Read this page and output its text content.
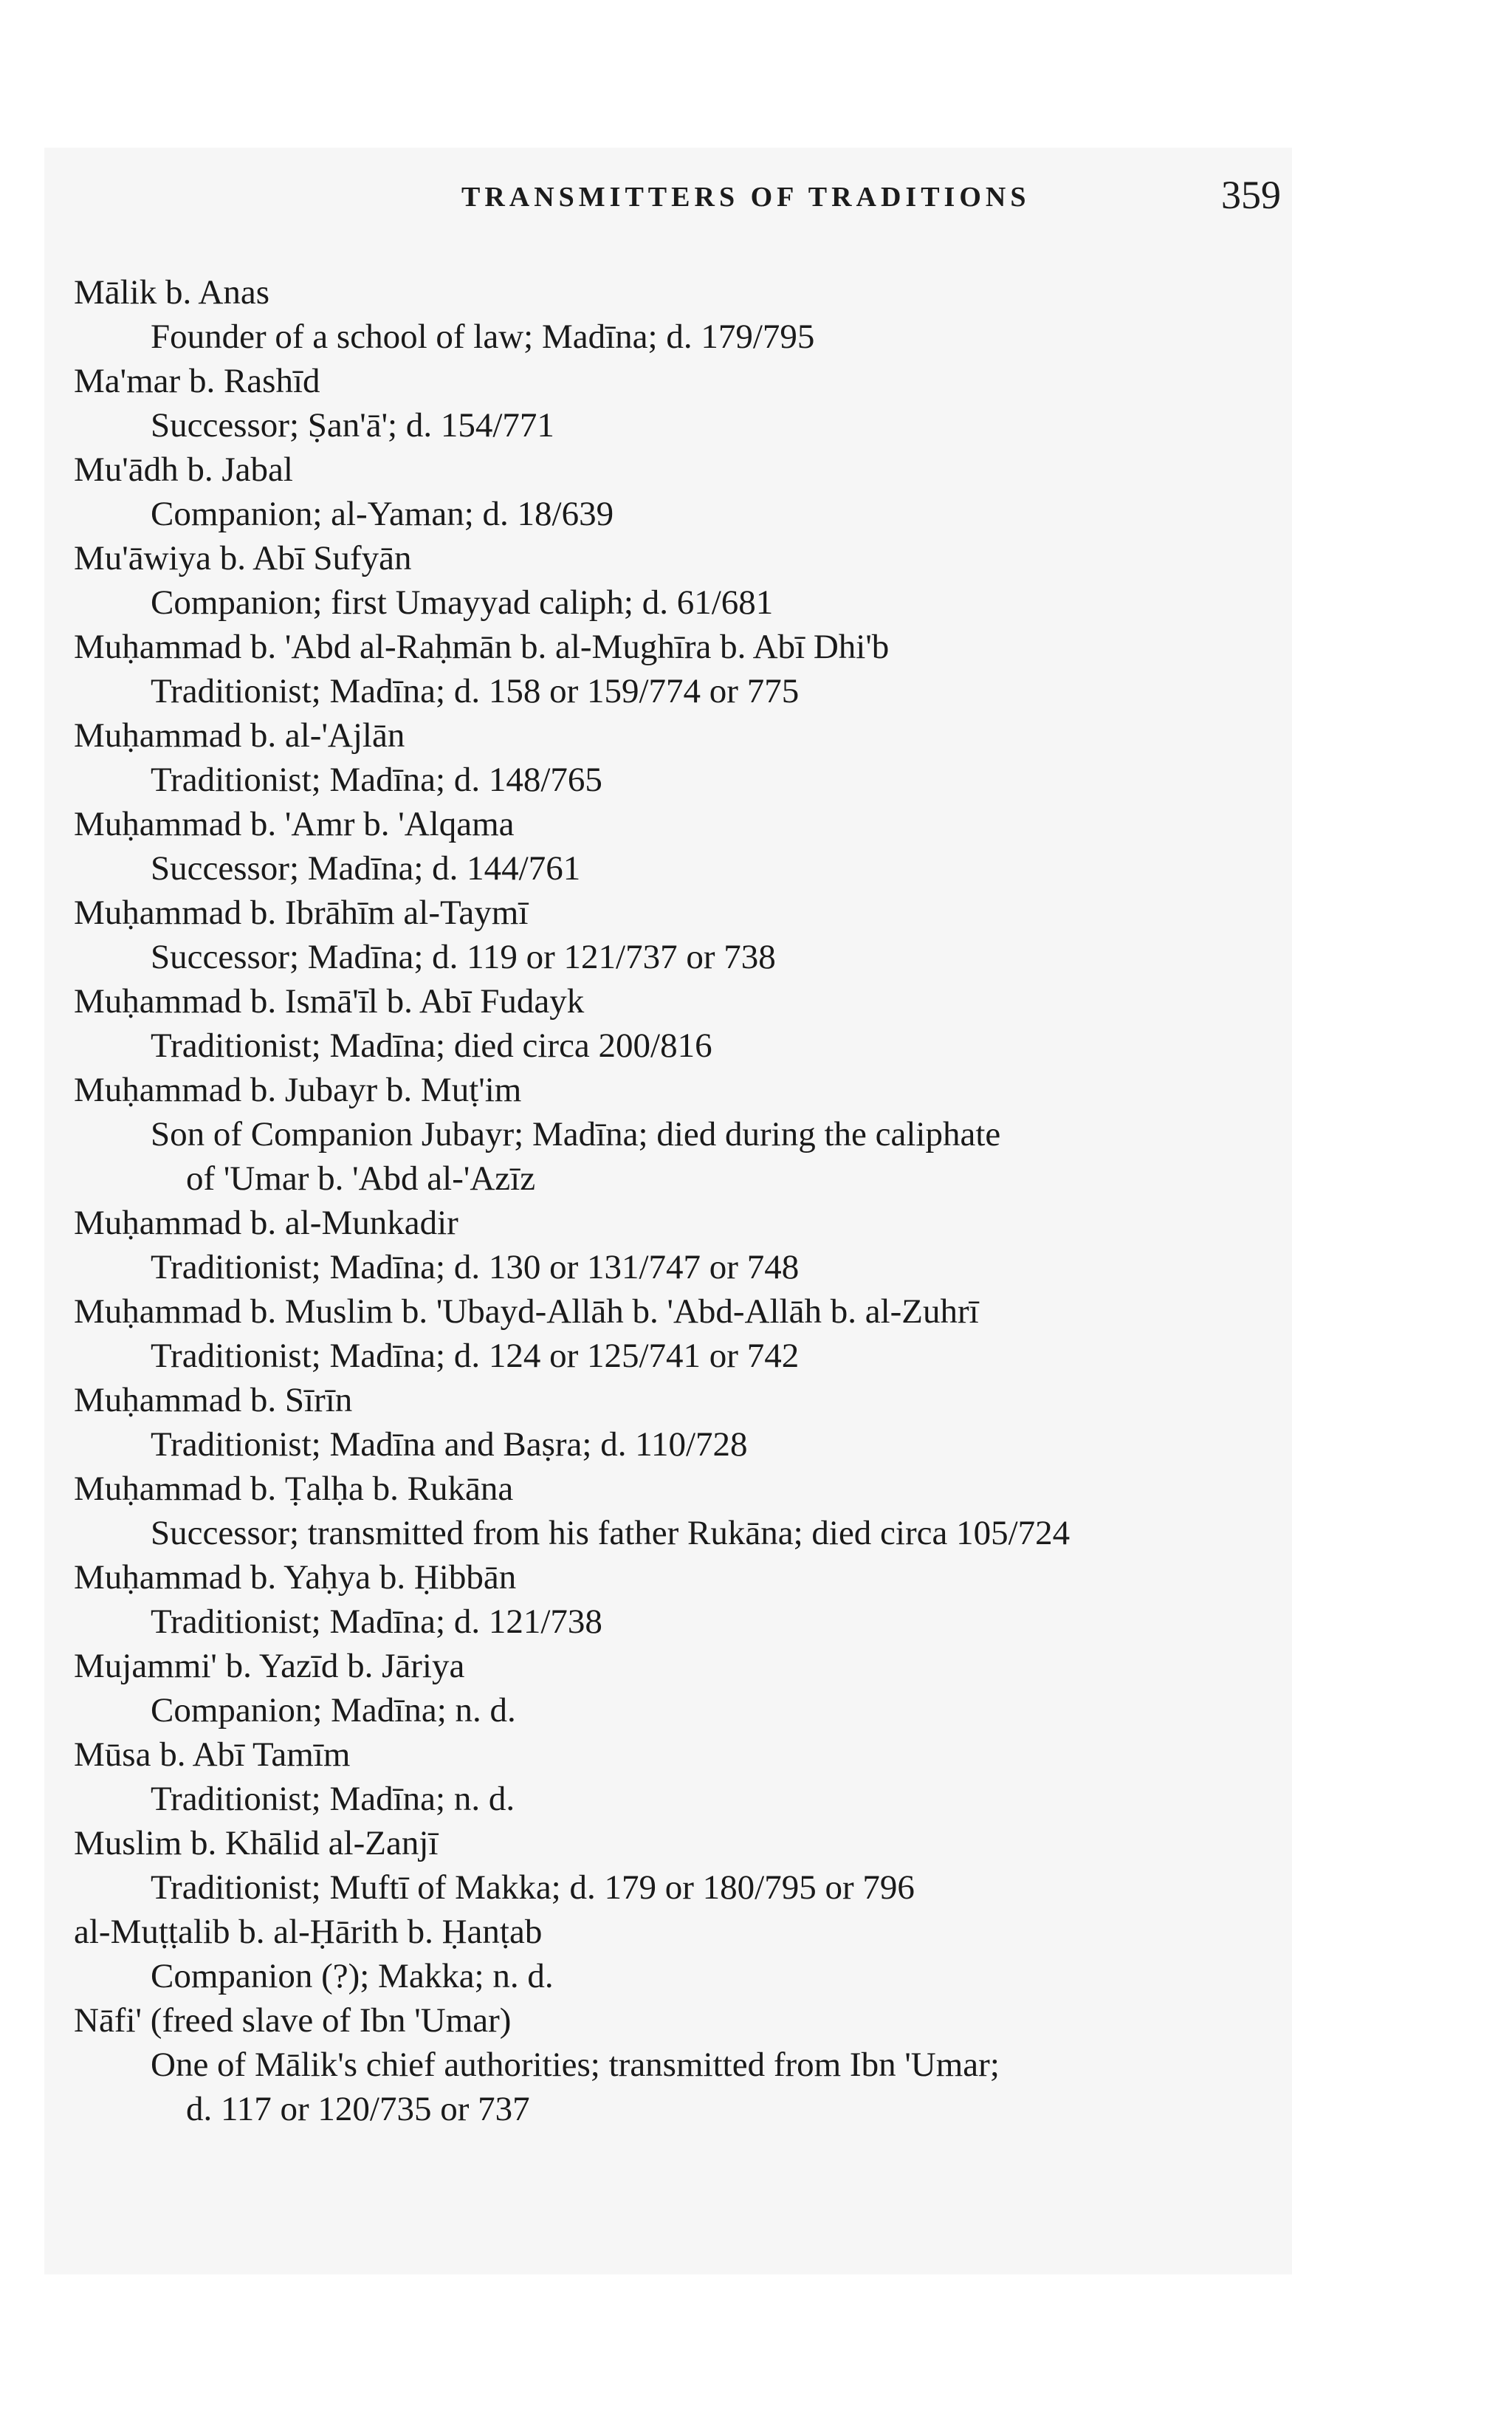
TRANSMITTERS OF TRADITIONS	359
Mālik b. Anas
Founder of a school of law; Madīna; d. 179/795
Ma'mar b. Rashīd
Successor; Ṣan'ā'; d. 154/771
Mu'ādh b. Jabal
Companion; al-Yaman; d. 18/639
Mu'āwiya b. Abī Sufyān
Companion; first Umayyad caliph; d. 61/681
Muḥammad b. 'Abd al-Raḥmān b. al-Mughīra b. Abī Dhi'b
Traditionist; Madīna; d. 158 or 159/774 or 775
Muḥammad b. al-'Ajlān
Traditionist; Madīna; d. 148/765
Muḥammad b. 'Amr b. 'Alqama
Successor; Madīna; d. 144/761
Muḥammad b. Ibrāhīm al-Taymī
Successor; Madīna; d. 119 or 121/737 or 738
Muḥammad b. Ismā'īl b. Abī Fudayk
Traditionist; Madīna; died circa 200/816
Muḥammad b. Jubayr b. Muṭ'im
Son of Companion Jubayr; Madīna; died during the caliphate
of 'Umar b. 'Abd al-'Azīz
Muḥammad b. al-Munkadir
Traditionist; Madīna; d. 130 or 131/747 or 748
Muḥammad b. Muslim b. 'Ubayd-Allāh b. 'Abd-Allāh b. al-Zuhrī
Traditionist; Madīna; d. 124 or 125/741 or 742
Muḥammad b. Sīrīn
Traditionist; Madīna and Baṣra; d. 110/728
Muḥammad b. Ṭalḥa b. Rukāna
Successor; transmitted from his father Rukāna; died circa 105/724
Muḥammad b. Yaḥya b. Ḥibbān
Traditionist; Madīna; d. 121/738
Mujammi' b. Yazīd b. Jāriya
Companion; Madīna; n. d.
Mūsa b. Abī Tamīm
Traditionist; Madīna; n. d.
Muslim b. Khālid al-Zanjī
Traditionist; Muftī of Makka; d. 179 or 180/795 or 796
al-Muṭṭalib b. al-Ḥārith b. Ḥanṭab
Companion (?); Makka; n. d.
Nāfi' (freed slave of Ibn 'Umar)
One of Mālik's chief authorities; transmitted from Ibn 'Umar;
d. 117 or 120/735 or 737
